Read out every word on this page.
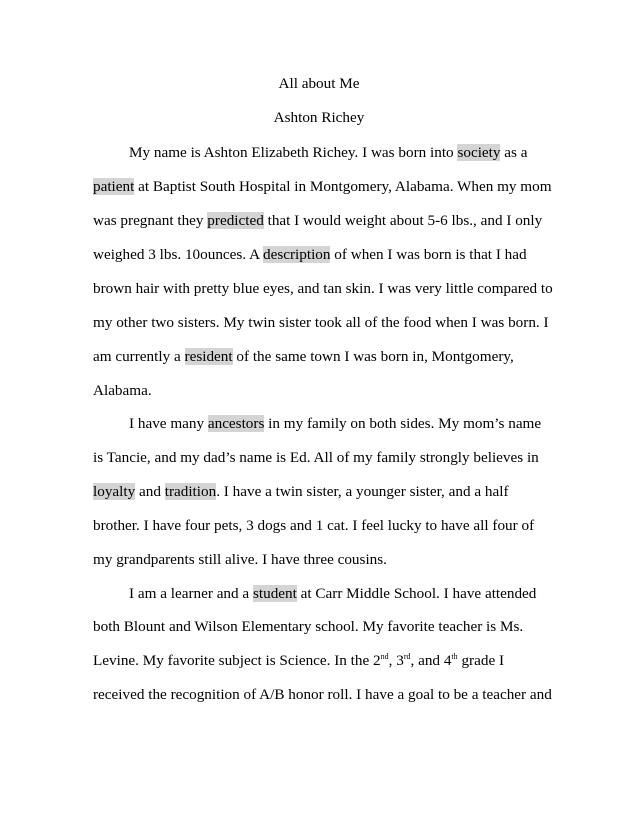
All about Me
Ashton Richey
My name is Ashton Elizabeth Richey. I was born into society as a
patient at Baptist South Hospital in Montgomery, Alabama. When my mom
was pregnant they predicted that I would weight about 5-6 lbs., and I only
weighed 3 lbs. 10ounces. A description of when I was born is that I had
brown hair with pretty blue eyes, and tan skin. I was very little compared to
my other two sisters. My twin sister took all of the food when I was born. I
am currently a resident of the same town I was born in, Montgomery,
Alabama.
I have many ancestors in my family on both sides. My mom’s name
is Tancie, and my dad’s name is Ed. All of my family strongly believes in
loyalty and tradition. I have a twin sister, a younger sister, and a half
brother. I have four pets, 3 dogs and 1 cat. I feel lucky to have all four of
my grandparents still alive. I have three cousins.
I am a learner and a student at Carr Middle School. I have attended
both Blount and Wilson Elementary school. My favorite teacher is Ms.
Levine. My favorite subject is Science. In the 2nd, 3rd, and 4th grade I
received the recognition of A/B honor roll. I have a goal to be a teacher and
